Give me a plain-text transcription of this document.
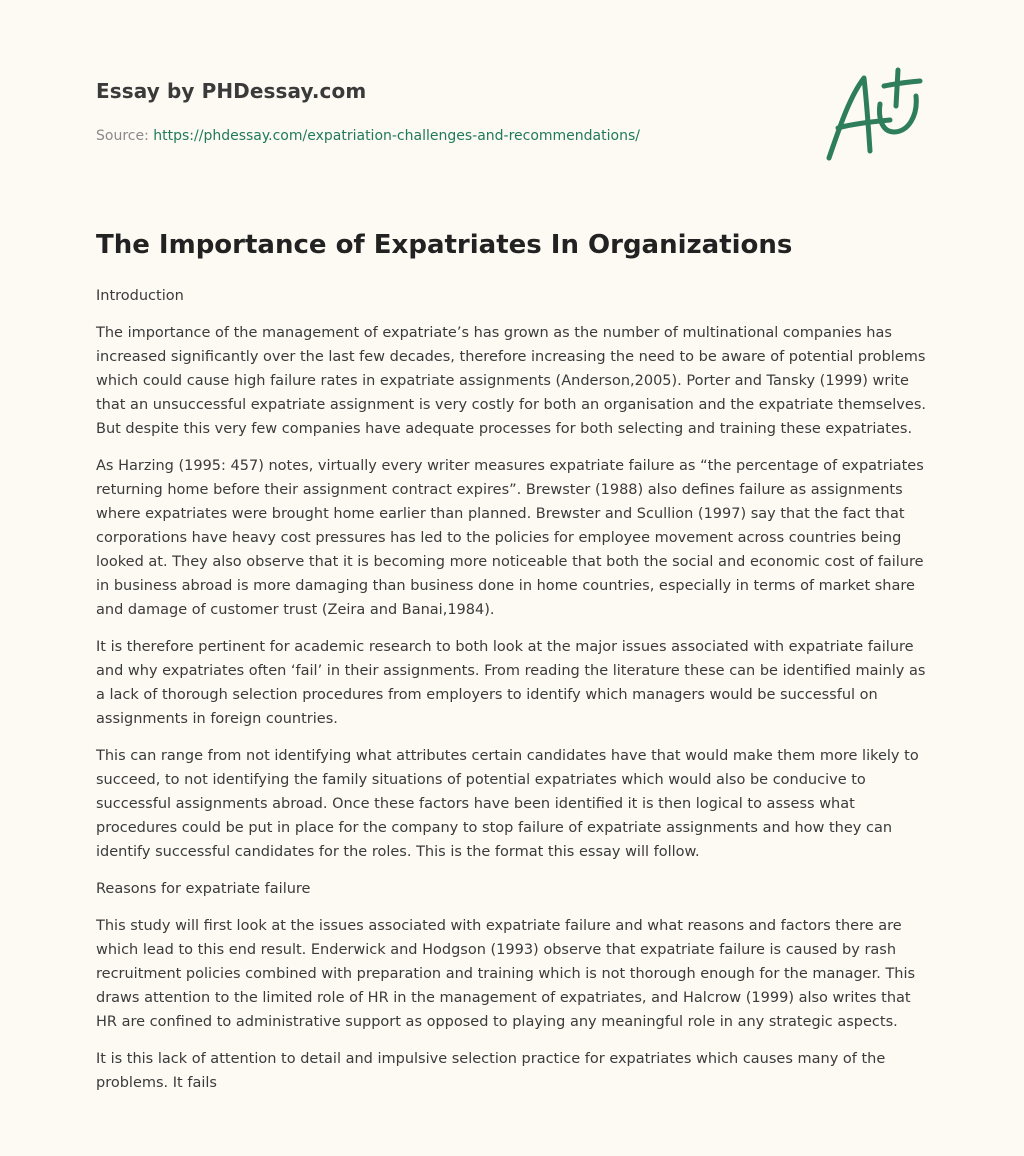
Essay by PHDessay.com
Source: https://phdessay.com/expatriation-challenges-and-recommendations/
The Importance of Expatriates In Organizations

Introduction

The importance of the management of expatriate’s has grown as the number of multinational companies has increased significantly over the last few decades, therefore increasing the need to be aware of potential problems which could cause high failure rates in expatriate assignments (Anderson,2005). Porter and Tansky (1999) write that an unsuccessful expatriate assignment is very costly for both an organisation and the expatriate themselves. But despite this very few companies have adequate processes for both selecting and training these expatriates.

As Harzing (1995: 457) notes, virtually every writer measures expatriate failure as “the percentage of expatriates returning home before their assignment contract expires”. Brewster (1988) also defines failure as assignments where expatriates were brought home earlier than planned. Brewster and Scullion (1997) say that the fact that corporations have heavy cost pressures has led to the policies for employee movement across countries being looked at. They also observe that it is becoming more noticeable that both the social and economic cost of failure in business abroad is more damaging than business done in home countries, especially in terms of market share and damage of customer trust (Zeira and Banai,1984).

It is therefore pertinent for academic research to both look at the major issues associated with expatriate failure and why expatriates often ‘fail’ in their assignments. From reading the literature these can be identified mainly as a lack of thorough selection procedures from employers to identify which managers would be successful on assignments in foreign countries.

This can range from not identifying what attributes certain candidates have that would make them more likely to succeed, to not identifying the family situations of potential expatriates which would also be conducive to successful assignments abroad. Once these factors have been identified it is then logical to assess what procedures could be put in place for the company to stop failure of expatriate assignments and how they can identify successful candidates for the roles. This is the format this essay will follow.

Reasons for expatriate failure

This study will first look at the issues associated with expatriate failure and what reasons and factors there are which lead to this end result. Enderwick and Hodgson (1993) observe that expatriate failure is caused by rash recruitment policies combined with preparation and training which is not thorough enough for the manager. This draws attention to the limited role of HR in the management of expatriates, and Halcrow (1999) also writes that HR are confined to administrative support as opposed to playing any meaningful role in any strategic aspects.

It is this lack of attention to detail and impulsive selection practice for expatriates which causes many of the problems. It fails
